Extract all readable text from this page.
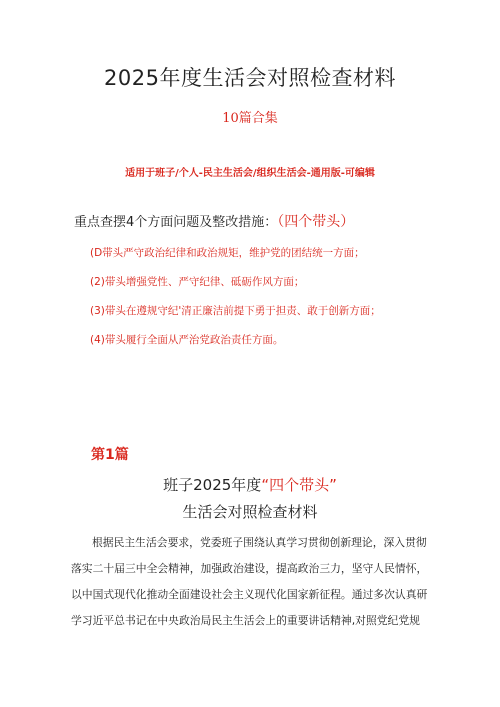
2025年度生活会对照检查材料
10篇合集
适用于班子/个人-民主生活会/组织生活会-通用版-可编辑
重点查摆4个方面问题及整改措施：（四个带头）
(D带头严守政治纪律和政治规矩，维护党的团结统一方面；
(2)带头增强党性、严守纪律、砥砺作风方面；
(3)带头在遵规守纪'清正廉洁前提下勇于担责、敢于创新方面；
(4)带头履行全面从严治党政治责任方面。
第1篇
班子2025年度“四个带头”
生活会对照检查材料
根据民主生活会要求，党委班子围绕认真学习贯彻创新理论，深入贯彻
落实二十届三中全会精神，加强政治建设，提高政治三力，坚守人民情怀，
以中国式现代化推动全面建设社会主义现代化国家新征程。通过多次认真研
学习近平总书记在中央政治局民主生活会上的重要讲话精神,对照党纪党规
